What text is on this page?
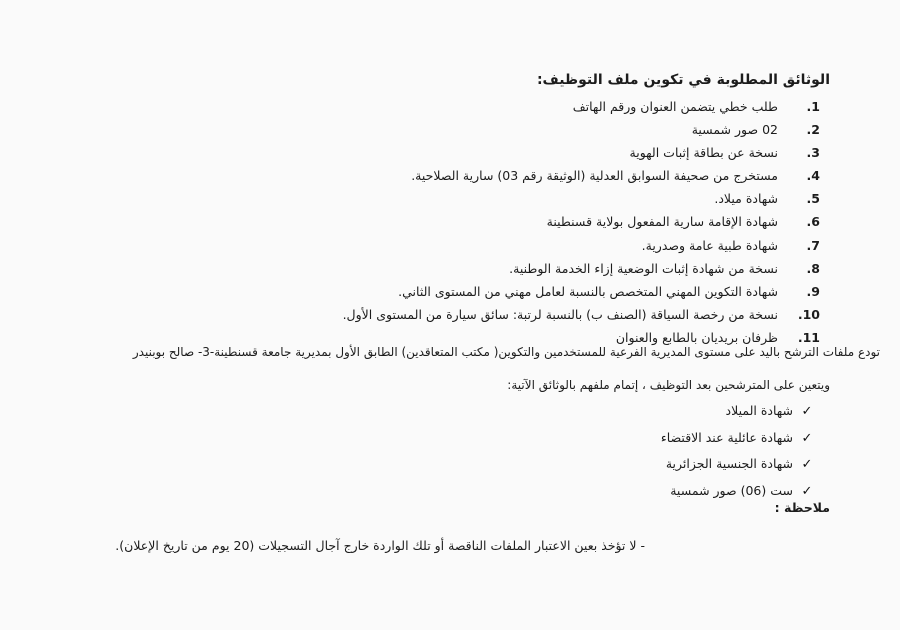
الوثائق المطلوبة في تكوين ملف التوظيف:
1.طلب خطي يتضمن العنوان ورقم الهاتف
2.02 صور شمسية
3.نسخة عن بطاقة إثبات الهوية
4.مستخرج من صحيفة السوابق العدلية (الوثيقة رقم 03) سارية الصلاحية.
5.شهادة ميلاد.
6.شهادة الإقامة سارية المفعول بولاية قسنطينة
7.شهادة طبية عامة وصدرية.
8.نسخة من شهادة إثبات الوضعية إزاء الخدمة الوطنية.
9.شهادة التكوين المهني المتخصص بالنسبة لعامل مهني من المستوى الثاني.
10.نسخة من رخصة السياقة (الصنف ب) بالنسبة لرتبة: سائق سيارة من المستوى الأول.
11.ظرفان بريديان بالطابع والعنوان
تودع ملفات الترشح باليد على مستوى المديرية الفرعية للمستخدمين والتكوين( مكتب المتعاقدين) الطابق الأول بمديرية جامعة قسنطينة-3- صالح بوبنيدر
ويتعين على المترشحين بعد التوظيف ، إتمام ملفهم بالوثائق الآتية:
✓شهادة الميلاد
✓شهادة عائلية عند الاقتضاء
✓شهادة الجنسية الجزائرية
✓ست (06) صور شمسية
ملاحظة :
- لا تؤخذ بعين الاعتبار الملفات الناقصة أو تلك الواردة خارج آجال التسجيلات (20 يوم من تاريخ الإعلان).
